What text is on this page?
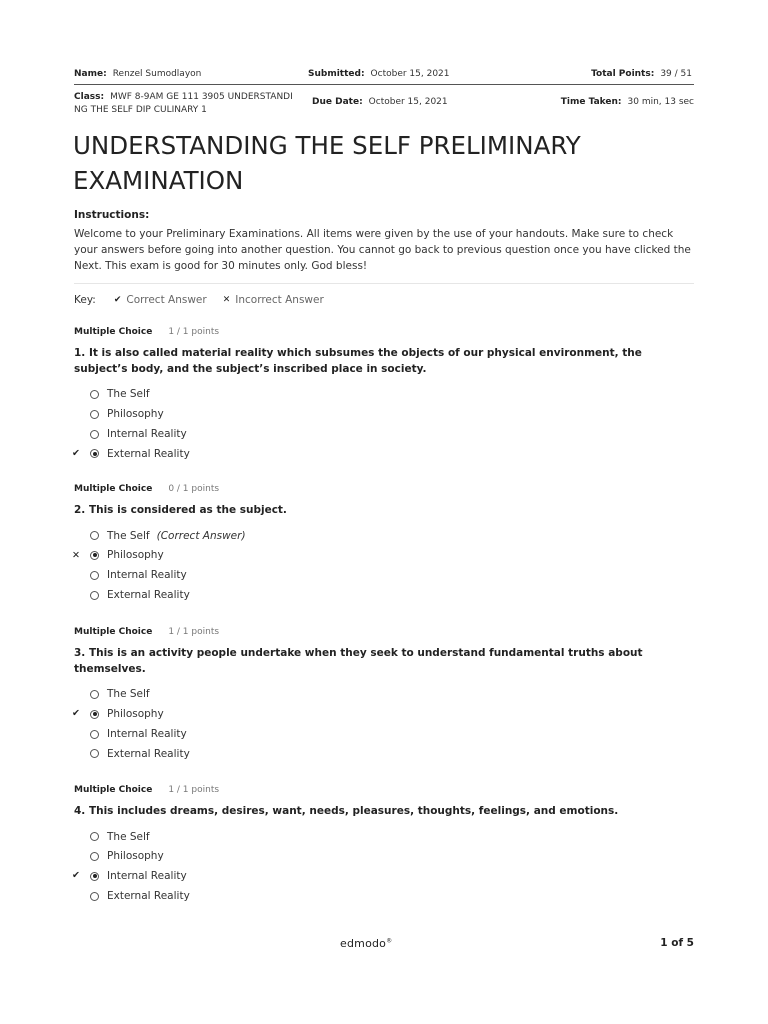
Name: Renzel Sumodlayon	Submitted: October 15, 2021	Total Points: 39 / 51
Class: MWF 8-9AM GE 111 3905 UNDERSTANDING THE SELF DIP CULINARY 1
Due Date: October 15, 2021	Time Taken: 30 min, 13 sec
UNDERSTANDING THE SELF PRELIMINARY EXAMINATION
Instructions:
Welcome to your Preliminary Examinations. All items were given by the use of your handouts. Make sure to check your answers before going into another question. You cannot go back to previous question once you have clicked the Next. This exam is good for 30 minutes only. God bless!
Key: ✔ Correct Answer ✕ Incorrect Answer
Multiple Choice 1 / 1 points
1. It is also called material reality which subsumes the objects of our physical environment, the subject’s body, and the subject’s inscribed place in society.
The Self
Philosophy
Internal Reality
✔	External Reality
Multiple Choice 0 / 1 points
2. This is considered as the subject.
The Self (Correct Answer)
✕	Philosophy
Internal Reality
External Reality
Multiple Choice 1 / 1 points
3. This is an activity people undertake when they seek to understand fundamental truths about themselves.
The Self
✔	Philosophy
Internal Reality
External Reality
Multiple Choice 1 / 1 points
4. This includes dreams, desires, want, needs, pleasures, thoughts, feelings, and emotions.
The Self
Philosophy
✔	Internal Reality
External Reality
edmodo®	1 of 5
